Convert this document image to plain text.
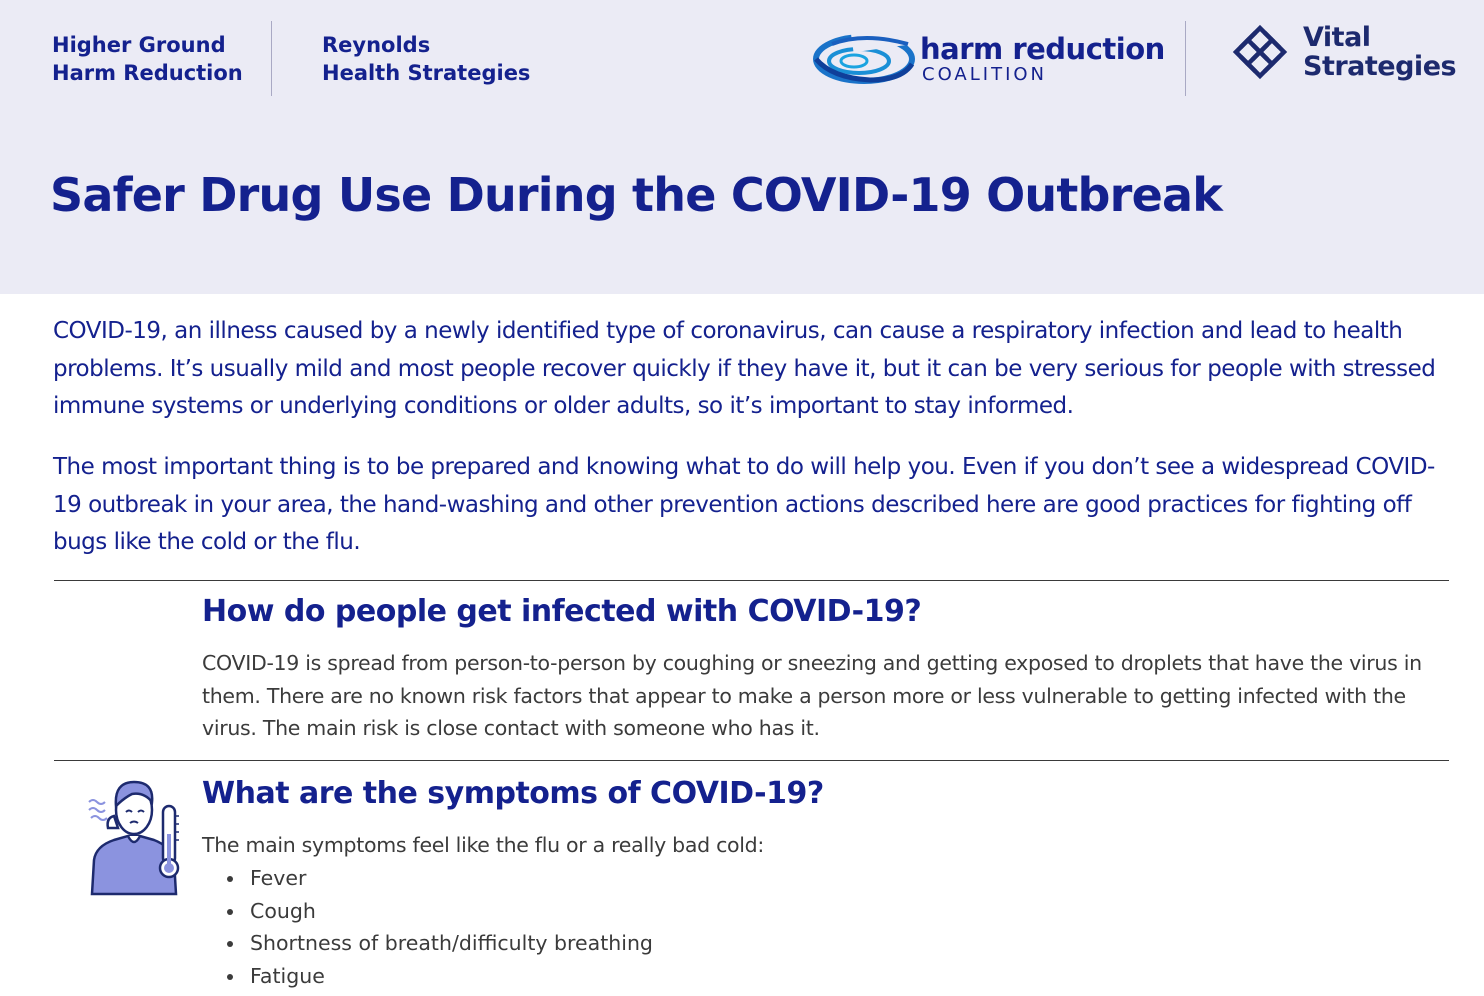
Higher Ground
Harm Reduction
Reynolds
Health Strategies
harm reduction
COALITION
Vital
Strategies
Safer Drug Use During the COVID-19 Outbreak

COVID-19, an illness caused by a newly identified type of coronavirus, can cause a respiratory infection and lead to health problems. It’s usually mild and most people recover quickly if they have it, but it can be very serious for people with stressed immune systems or underlying conditions or older adults, so it’s important to stay informed.

The most important thing is to be prepared and knowing what to do will help you. Even if you don’t see a widespread COVID-19 outbreak in your area, the hand-washing and other prevention actions described here are good practices for fighting off bugs like the cold or the flu.

How do people get infected with COVID-19?

COVID-19 is spread from person-to-person by coughing or sneezing and getting exposed to droplets that have the virus in them. There are no known risk factors that appear to make a person more or less vulnerable to getting infected with the virus. The main risk is close contact with someone who has it.

What are the symptoms of COVID-19?

The main symptoms feel like the flu or a really bad cold:

Fever
Cough
Shortness of breath/difficulty breathing
Fatigue
